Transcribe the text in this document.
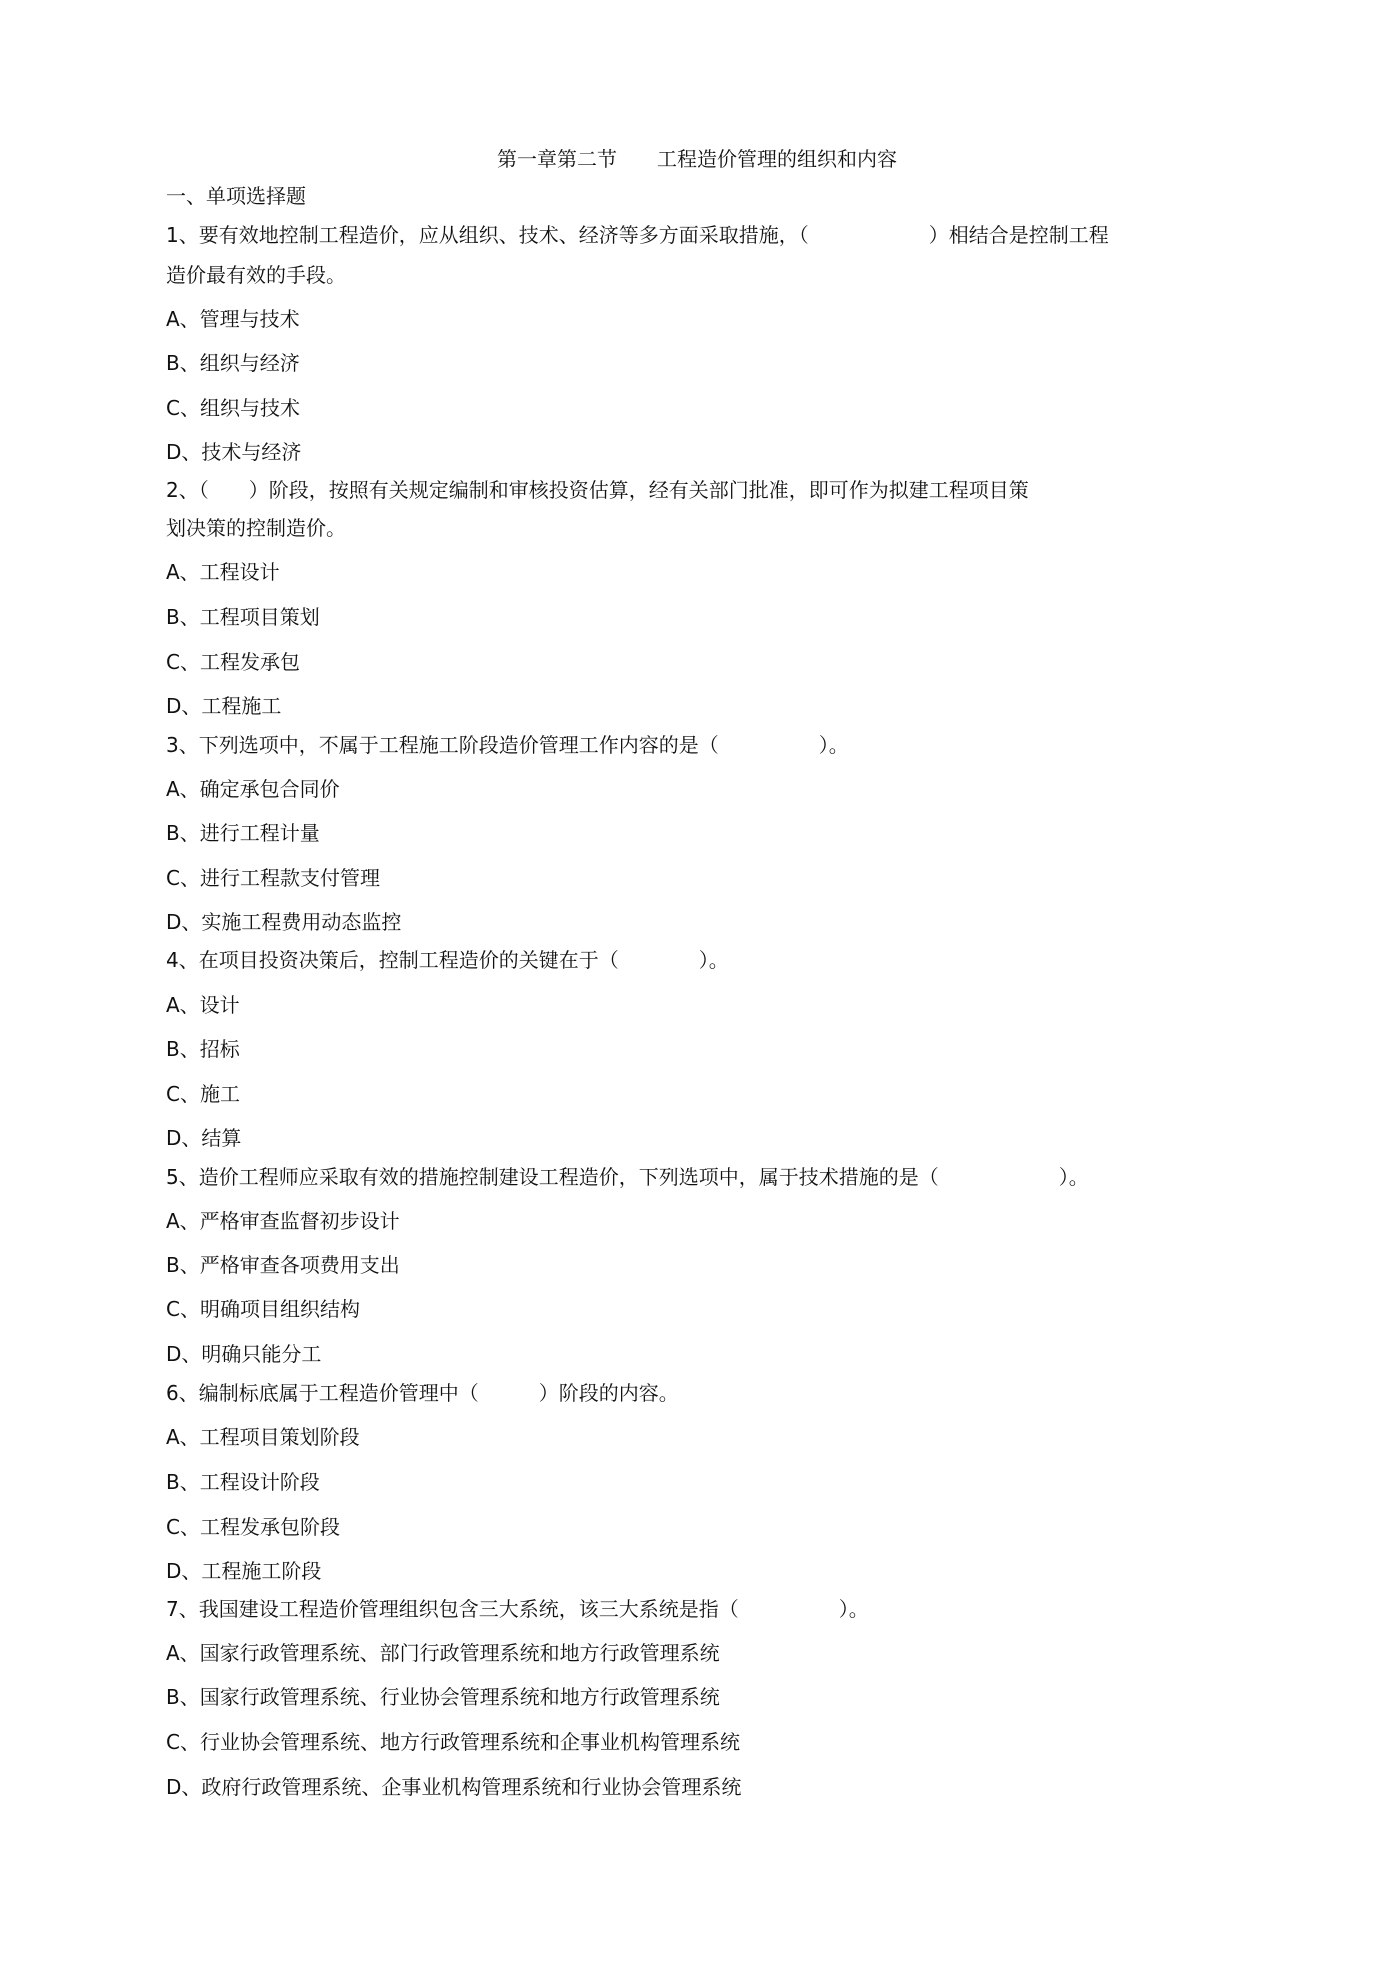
第一章第二节　　工程造价管理的组织和内容
一、单项选择题
1、要有效地控制工程造价，应从组织、技术、经济等多方面采取措施，（　　　　　　）相结合是控制工程
造价最有效的手段。
A、管理与技术
B、组织与经济
C、组织与技术
D、技术与经济
2、（　　）阶段，按照有关规定编制和审核投资估算，经有关部门批准，即可作为拟建工程项目策
划决策的控制造价。
A、工程设计
B、工程项目策划
C、工程发承包
D、工程施工
3、下列选项中，不属于工程施工阶段造价管理工作内容的是（　　　　　）。
A、确定承包合同价
B、进行工程计量
C、进行工程款支付管理
D、实施工程费用动态监控
4、在项目投资决策后，控制工程造价的关键在于（　　　　）。
A、设计
B、招标
C、施工
D、结算
5、造价工程师应采取有效的措施控制建设工程造价，下列选项中，属于技术措施的是（　　　　　　）。
A、严格审查监督初步设计
B、严格审查各项费用支出
C、明确项目组织结构
D、明确只能分工
6、编制标底属于工程造价管理中（　　　）阶段的内容。
A、工程项目策划阶段
B、工程设计阶段
C、工程发承包阶段
D、工程施工阶段
7、我国建设工程造价管理组织包含三大系统，该三大系统是指（　　　　　）。
A、国家行政管理系统、部门行政管理系统和地方行政管理系统
B、国家行政管理系统、行业协会管理系统和地方行政管理系统
C、行业协会管理系统、地方行政管理系统和企事业机构管理系统
D、政府行政管理系统、企事业机构管理系统和行业协会管理系统
